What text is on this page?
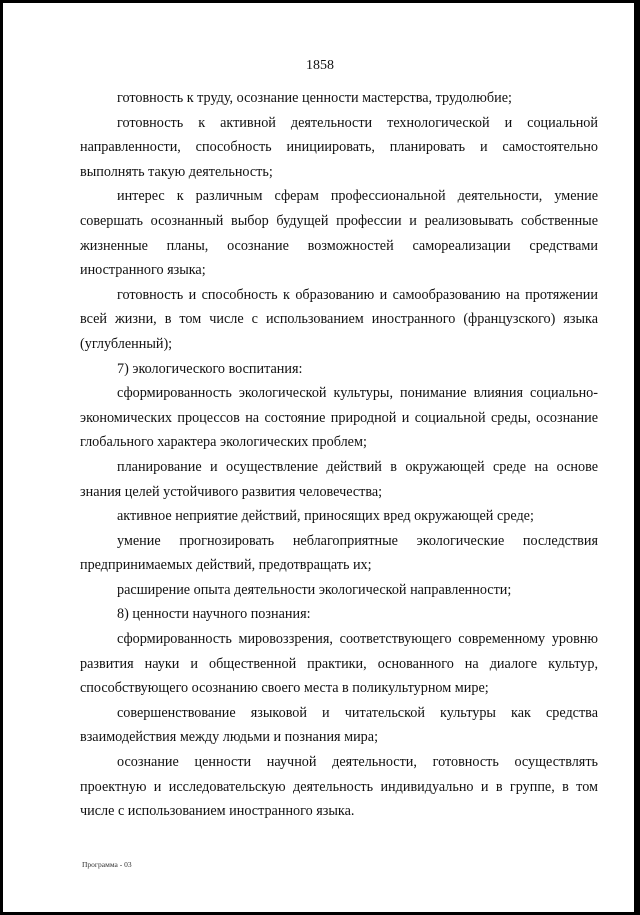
1858

готовность к труду, осознание ценности мастерства, трудолюбие;

готовность к активной деятельности технологической и социальной направленности, способность инициировать, планировать и самостоятельно выполнять такую деятельность;

интерес к различным сферам профессиональной деятельности, умение совершать осознанный выбор будущей профессии и реализовывать собственные жизненные планы, осознание возможностей самореализации средствами иностранного языка;

готовность и способность к образованию и самообразованию на протяжении всей жизни, в том числе с использованием иностранного (французского) языка (углубленный);

7) экологического воспитания:

сформированность экологической культуры, понимание влияния социально-экономических процессов на состояние природной и социальной среды, осознание глобального характера экологических проблем;

планирование и осуществление действий в окружающей среде на основе знания целей устойчивого развития человечества;

активное неприятие действий, приносящих вред окружающей среде;

умение прогнозировать неблагоприятные экологические последствия предпринимаемых действий, предотвращать их;

расширение опыта деятельности экологической направленности;

8) ценности научного познания:

сформированность мировоззрения, соответствующего современному уровню развития науки и общественной практики, основанного на диалоге культур, способствующего осознанию своего места в поликультурном мире;

совершенствование языковой и читательской культуры как средства взаимодействия между людьми и познания мира;

осознание ценности научной деятельности, готовность осуществлять проектную и исследовательскую деятельность индивидуально и в группе, в том числе с использованием иностранного языка.

Программа - 03
